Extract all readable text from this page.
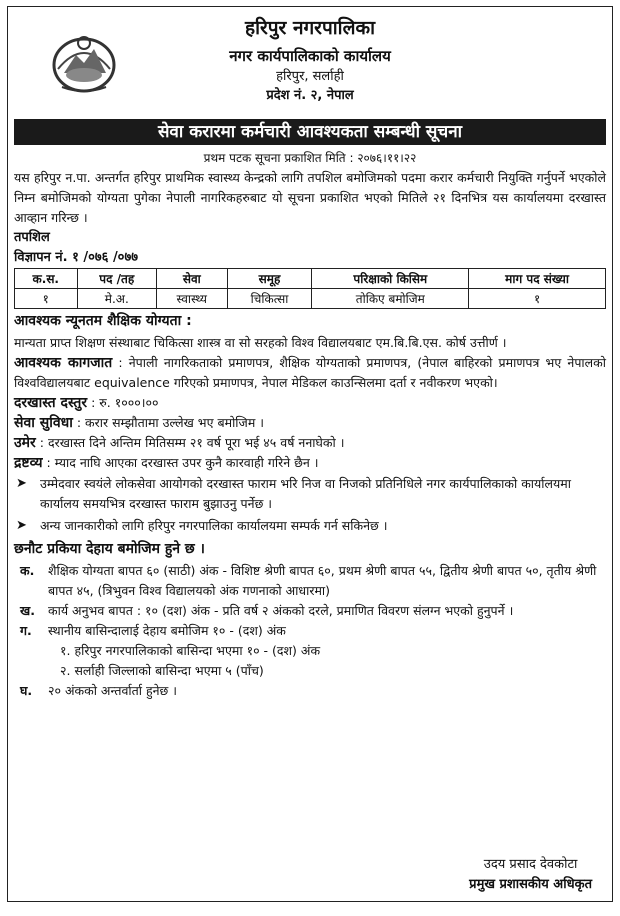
हरिपुर नगरपालिका
नगर कार्यपालिकाको कार्यालय
हरिपुर, सर्लाही
प्रदेश नं. २, नेपाल
सेवा करारमा कर्मचारी आवश्यकता सम्बन्धी सूचना
प्रथम पटक सूचना प्रकाशित मिति : २०७६।११।२२
यस हरिपुर न.पा. अन्तर्गत हरिपुर प्राथमिक स्वास्थ्य केन्द्रको लागि तपशिल बमोजिमको पदमा करार कर्मचारी नियुक्ति गर्नुपर्ने भएकोले निम्न बमोजिमको योग्यता पुगेका नेपाली नागरिकहरुबाट यो सूचना प्रकाशित भएको मितिले २१ दिनभित्र यस कार्यालयमा दरखास्त आव्हान गरिन्छ ।
तपशिल
विज्ञापन नं. १ /०७६ /०७७
क.स.	पद /तह	सेवा	समूह	परिक्षाको किसिम	माग पद संख्या
१	मे.अ.	स्वास्थ्य	चिकित्सा	तोकिए बमोजिम	१
आवश्यक न्यूनतम शैक्षिक योग्यता :
मान्यता प्राप्त शिक्षण संस्थाबाट चिकित्सा शास्त्र वा सो सरहको विश्व विद्यालयबाट एम.बि.बि.एस. कोर्ष उत्तीर्ण ।
आवश्यक कागजात : नेपाली नागरिकताको प्रमाणपत्र, शैक्षिक योग्यताको प्रमाणपत्र, (नेपाल बाहिरको प्रमाणपत्र भए नेपालको विश्वविद्यालयबाट equivalence गरिएको प्रमाणपत्र, नेपाल मेडिकल काउन्सिलमा दर्ता र नवीकरण भएको।
दरखास्त दस्तुर : रु. १०००।००
सेवा सुविधा : करार सम्झौतामा उल्लेख भए बमोजिम ।
उमेर : दरखास्त दिने अन्तिम मितिसम्म २१ वर्ष पूरा भई ४५ वर्ष ननाघेको ।
द्रष्टव्य : म्याद नाघि आएका दरखास्त उपर कुनै कारवाही गरिने छैन ।
➤	उम्मेदवार स्वयंले लोकसेवा आयोगको दरखास्त फाराम भरि निज वा निजको प्रतिनिधिले नगर कार्यपालिकाको कार्यालयमा कार्यालय समयभित्र दरखास्त फाराम बुझाउनु पर्नेछ ।
➤	अन्य जानकारीको लागि हरिपुर नगरपालिका कार्यालयमा सम्पर्क गर्न सकिनेछ ।
छनौट प्रकिया देहाय बमोजिम हुने छ ।
क.	शैक्षिक योग्यता बापत ६० (साठी) अंक - विशिष्ट श्रेणी बापत ६०, प्रथम श्रेणी बापत ५५, द्वितीय श्रेणी बापत ५०, तृतीय श्रेणी बापत ४५, (त्रिभुवन विश्व विद्यालयको अंक गणनाको आधारमा)
ख.	कार्य अनुभव बापत : १० (दश) अंक - प्रति वर्ष २ अंकको दरले, प्रमाणित विवरण संलग्न भएको हुनुपर्ने ।
ग.	स्थानीय बासिन्दालाई देहाय बमोजिम १० - (दश) अंक
१. हरिपुर नगरपालिकाको बासिन्दा भएमा १० - (दश) अंक
२. सर्लाही जिल्लाको बासिन्दा भएमा ५ (पाँच)
घ.	२० अंकको अन्तर्वार्ता हुनेछ ।
उदय प्रसाद देवकोटा
प्रमुख प्रशासकीय अधिकृत
